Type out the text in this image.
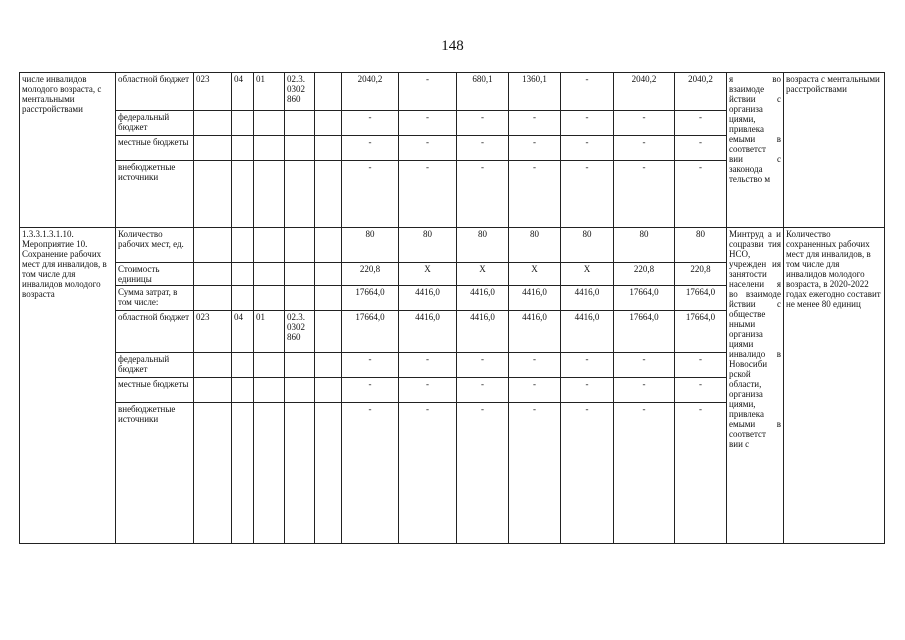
148
числе инвалидов молодого возраста, с ментальными расстройствами	областной бюджет	023	04	01	02.3. 0302 860		2040,2	-	680,1	1360,1	-	2040,2	2040,2	я во взаимоде йствии с организа циями, привлека емыми в соответст вии с законода тельство м	возраста с ментальными расстройствами
	федеральный бюджет						-	-	-	-	-	-	-		
	местные бюджеты						-	-	-	-	-	-	-		
	внебюджетные источники						-	-	-	-	-	-	-		
1.3.3.1.3.1.10. Мероприятие 10. Сохранение рабочих мест для инвалидов, в том числе для инвалидов молодого возраста	Количество рабочих мест, ед.						80	80	80	80	80	80	80	Минтруд а и соцразви тия НСО, учрежден ия занятости населени я во взаимоде йствии с обществе нными организа циями инвалидо в Новосиби рской области, организа циями, привлека емыми в соответст вии с	Количество сохраненных рабочих мест для инвалидов, в том числе для инвалидов молодого возраста, в 2020-2022 годах ежегодно составит не менее 80 единиц
	Стоимость единицы						220,8	X	X	X	X	220,8	220,8		
	Сумма затрат, в том числе:						17664,0	4416,0	4416,0	4416,0	4416,0	17664,0	17664,0		
	областной бюджет	023	04	01	02.3. 0302 860		17664,0	4416,0	4416,0	4416,0	4416,0	17664,0	17664,0		
	федеральный бюджет						-	-	-	-	-	-	-		
	местные бюджеты						-	-	-	-	-	-	-		
	внебюджетные источники						-	-	-	-	-	-	-		
